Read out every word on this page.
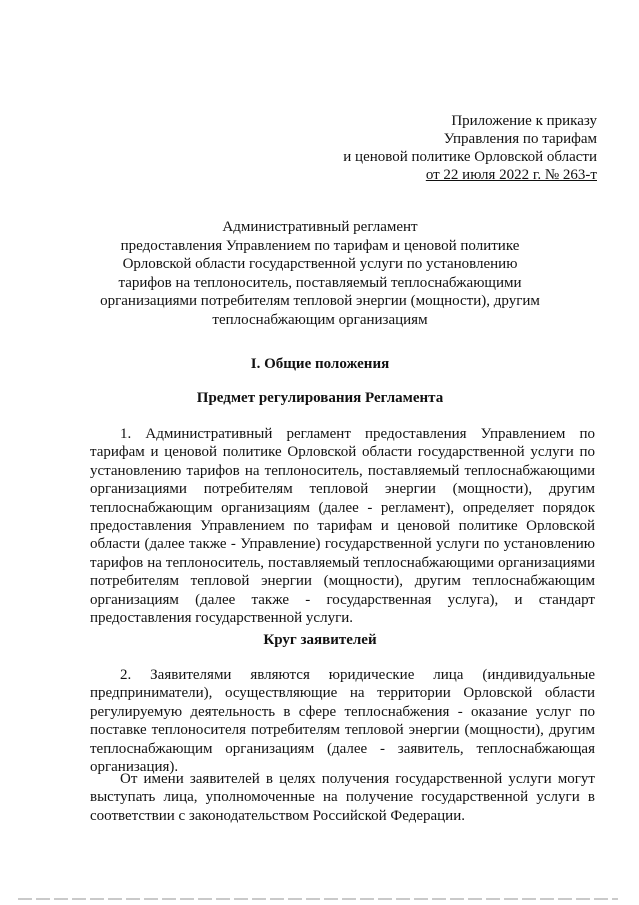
Приложение к приказу
Управления по тарифам
и ценовой политике Орловской области
от 22 июля 2022 г. № 263-т
Административный регламент
предоставления Управлением по тарифам и ценовой политике
Орловской области государственной услуги по установлению
тарифов на теплоноситель, поставляемый теплоснабжающими
организациями потребителям тепловой энергии (мощности), другим
теплоснабжающим организациям
I. Общие положения
Предмет регулирования Регламента
1. Административный регламент предоставления Управлением по тарифам и ценовой политике Орловской области государственной услуги по установлению тарифов на теплоноситель, поставляемый теплоснабжающими организациями потребителям тепловой энергии (мощности), другим теплоснабжающим организациям (далее - регламент), определяет порядок предоставления Управлением по тарифам и ценовой политике Орловской области (далее также - Управление) государственной услуги по установлению тарифов на теплоноситель, поставляемый теплоснабжающими организациями потребителям тепловой энергии (мощности), другим теплоснабжающим организациям (далее также - государственная услуга), и стандарт предоставления государственной услуги.
Круг заявителей
2. Заявителями являются юридические лица (индивидуальные предприниматели), осуществляющие на территории Орловской области регулируемую деятельность в сфере теплоснабжения - оказание услуг по поставке теплоносителя потребителям тепловой энергии (мощности), другим теплоснабжающим организациям (далее - заявитель, теплоснабжающая организация).
От имени заявителей в целях получения государственной услуги могут выступать лица, уполномоченные на получение государственной услуги в соответствии с законодательством Российской Федерации.
